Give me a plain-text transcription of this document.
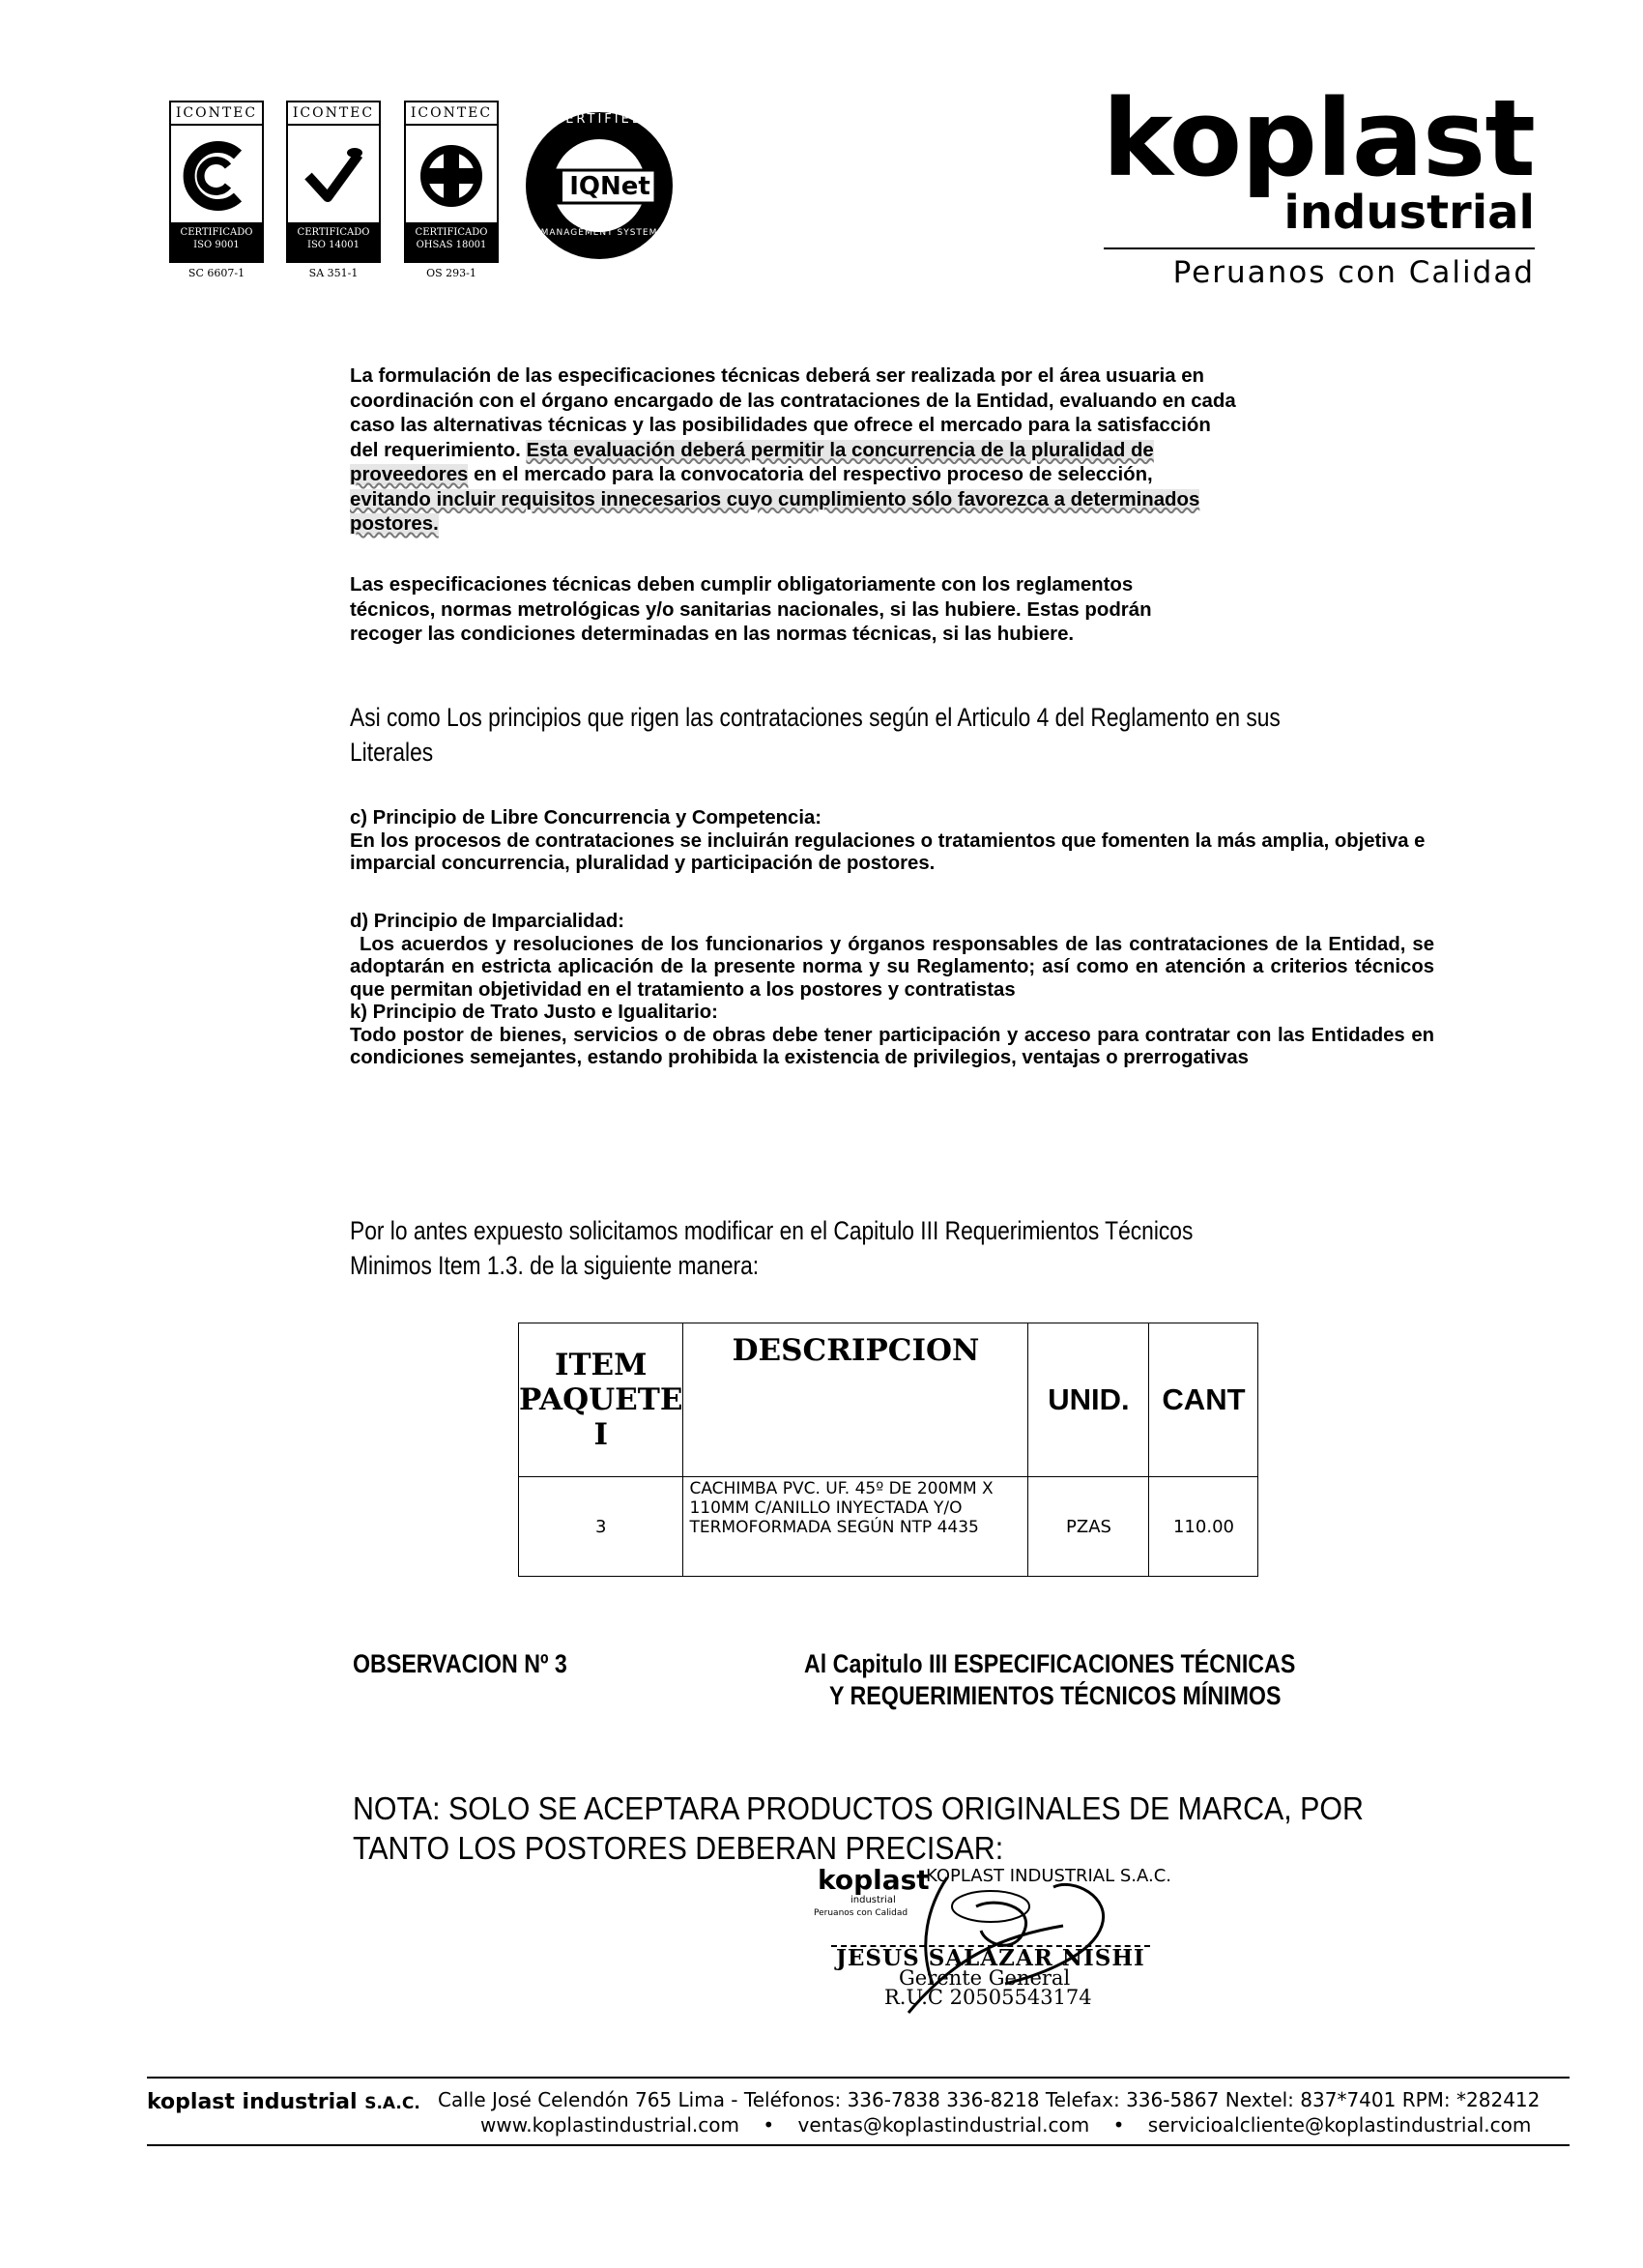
ICONTEC
CERTIFICADO
ISO 9001
SC 6607-1
ICONTEC
CERTIFICADO
ISO 14001
SA 351-1
ICONTEC
CERTIFICADO
OHSAS 18001
OS 293-1
CERTIFIED
IQNet
MANAGEMENT SYSTEM
koplast
industrial
Peruanos con Calidad
La formulación de las especificaciones técnicas deberá ser realizada por el área usuaria en coordinación con el órgano encargado de las contrataciones de la Entidad, evaluando en cada caso las alternativas técnicas y las posibilidades que ofrece el mercado para la satisfacción del requerimiento. Esta evaluación deberá permitir la concurrencia de la pluralidad de proveedores en el mercado para la convocatoria del respectivo proceso de selección, evitando incluir requisitos innecesarios cuyo cumplimiento sólo favorezca a determinados postores.
Las especificaciones técnicas deben cumplir obligatoriamente con los reglamentos técnicos, normas metrológicas y/o sanitarias nacionales, si las hubiere. Estas podrán recoger las condiciones determinadas en las normas técnicas, si las hubiere.
Asi como Los principios que rigen las contrataciones según el Articulo 4 del Reglamento en sus Literales

c) Principio de Libre Concurrencia y Competencia:

En los procesos de contrataciones se incluirán regulaciones o tratamientos que fomenten la más amplia, objetiva e imparcial concurrencia, pluralidad y participación de postores.

d) Principio de Imparcialidad:

Los acuerdos y resoluciones de los funcionarios y órganos responsables de las contrataciones de la Entidad, se adoptarán en estricta aplicación de la presente norma y su Reglamento; así como en atención a criterios técnicos que permitan objetividad en el tratamiento a los postores y contratistas

k) Principio de Trato Justo e Igualitario:

Todo postor de bienes, servicios o de obras debe tener participación y acceso para contratar con las Entidades en condiciones semejantes, estando prohibida la existencia de privilegios, ventajas o prerrogativas

Por lo antes expuesto solicitamos modificar en el Capitulo III Requerimientos Técnicos Minimos Item 1.3. de la siguiente manera:
ITEM
PAQUETE
I	DESCRIPCION	UNID.	CANT
3	CACHIMBA PVC. UF. 45º DE 200MM X 110MM C/ANILLO INYECTADA Y/O TERMOFORMADA SEGÚN NTP 4435	PZAS	110.00
OBSERVACION Nº 3	Al Capitulo III ESPECIFICACIONES TÉCNICAS
Y REQUERIMIENTOS TÉCNICOS MÍNIMOS
NOTA: SOLO SE ACEPTARA PRODUCTOS ORIGINALES DE MARCA, POR TANTO LOS POSTORES DEBERAN PRECISAR:
koplast
industrial
Peruanos con Calidad
KOPLAST INDUSTRIAL S.A.C.
JESUS SALAZAR NISHI
Gerente General
R.U.C 20505543174
koplast industrial S.A.C. Calle José Celendón 765 Lima - Teléfonos: 336-7838 336-8218 Telefax: 336-5867 Nextel: 837*7401 RPM: *282412
www.koplastindustrial.com • ventas@koplastindustrial.com • servicioalcliente@koplastindustrial.com
